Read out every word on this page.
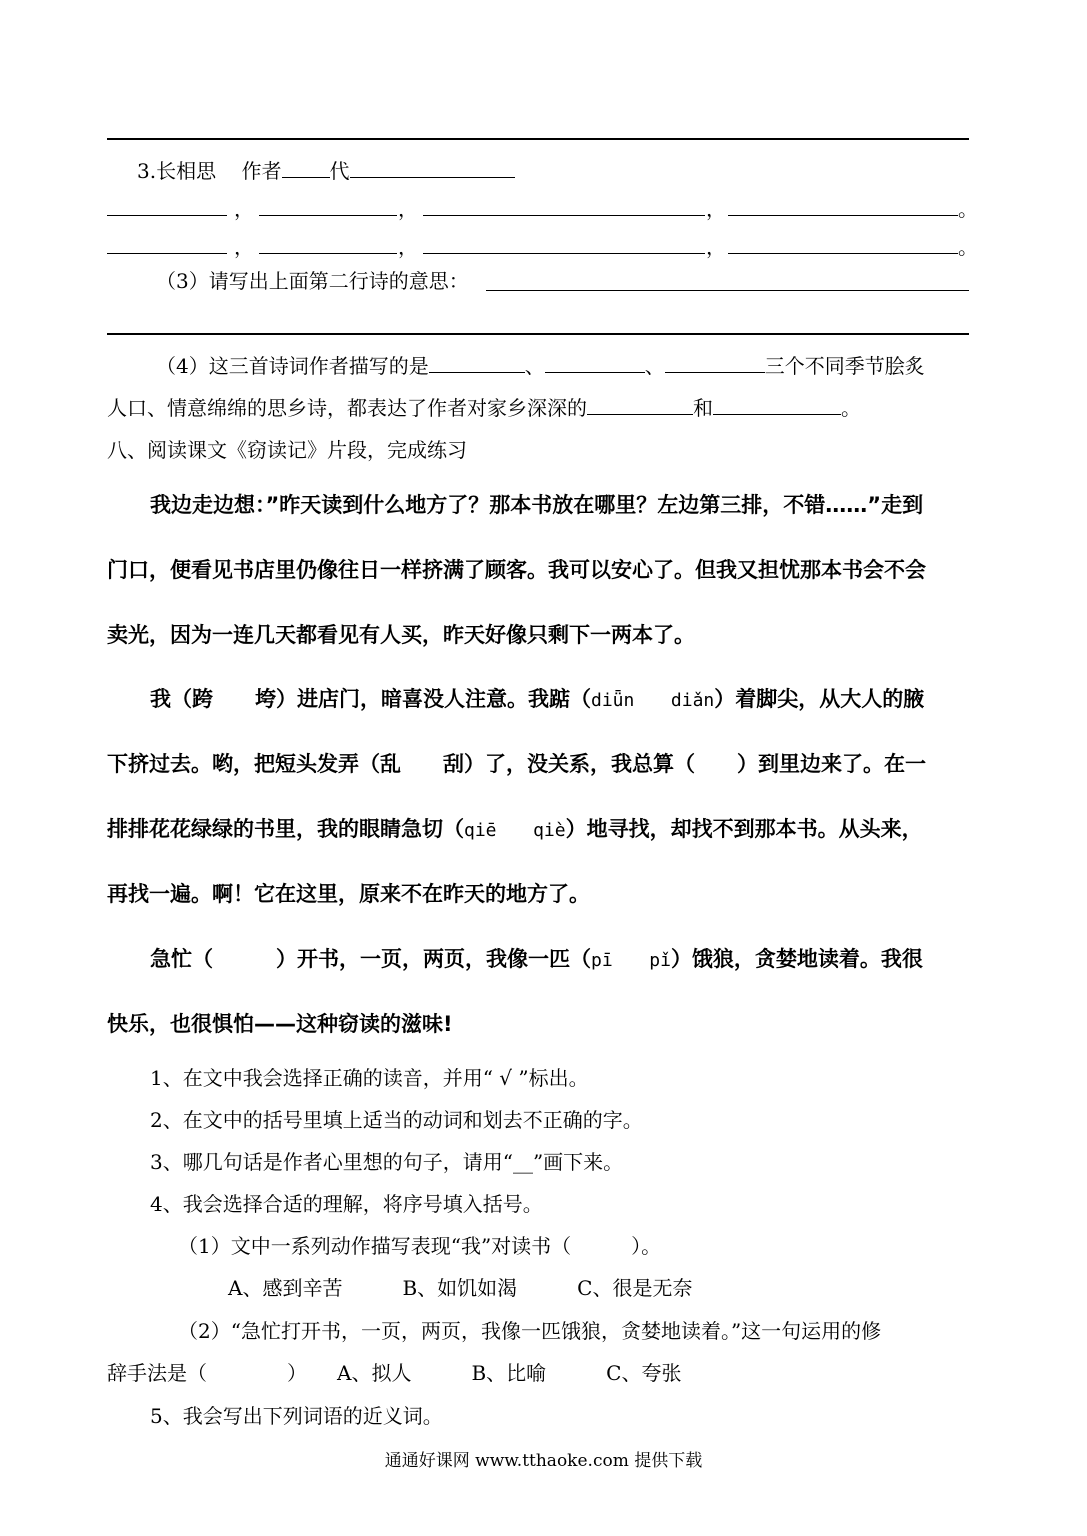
3.长相思 作者 代
，	，	，	。
，	，	，	。
（3）请写出上面第二行诗的意思：
（4）这三首诗词作者描写的是	、	、	三个不同季节脍炙
人口、情意绵绵的思乡诗，都表达了作者对家乡深深的	和	。
八、阅读课文《窃读记》片段，完成练习
我边走边想：”昨天读到什么地方了？那本书放在哪里？左边第三排，不错……”走到
门口，便看见书店里仍像往日一样挤满了顾客。我可以安心了。但我又担忧那本书会不会
卖光，因为一连几天都看见有人买，昨天好像只剩下一两本了。
我（跨　　垮）进店门，暗喜没人注意。我踮（diǖn diǎn）着脚尖，从大人的腋
下挤过去。哟，把短头发弄（乱　　刮）了，没关系，我总算（　　）到里边来了。在一
排排花花绿绿的书里，我的眼睛急切（qiē qiè）地寻找，却找不到那本书。从头来，
再找一遍。啊！它在这里，原来不在昨天的地方了。
急忙（　　　）开书，一页，两页，我像一匹（pī pǐ）饿狼，贪婪地读着。我很
快乐，也很惧怕——这种窃读的滋味!
1、在文中我会选择正确的读音，并用“ √ ”标出。
2、在文中的括号里填上适当的动词和划去不正确的字。
3、哪几句话是作者心里想的句子，请用“__”画下来。
4、我会选择合适的理解，将序号填入括号。
（1）文中一系列动作描写表现“我”对读书（　　　）。
A、感到辛苦　　　B、如饥如渴　　　C、很是无奈
（2）“急忙打开书，一页，两页，我像一匹饿狼，贪婪地读着。”这一句运用的修
辞手法是（　　　　）　　A、拟人　　　B、比喻　　　C、夸张
5、我会写出下列词语的近义词。
通通好课网 www.tthaoke.com 提供下载
